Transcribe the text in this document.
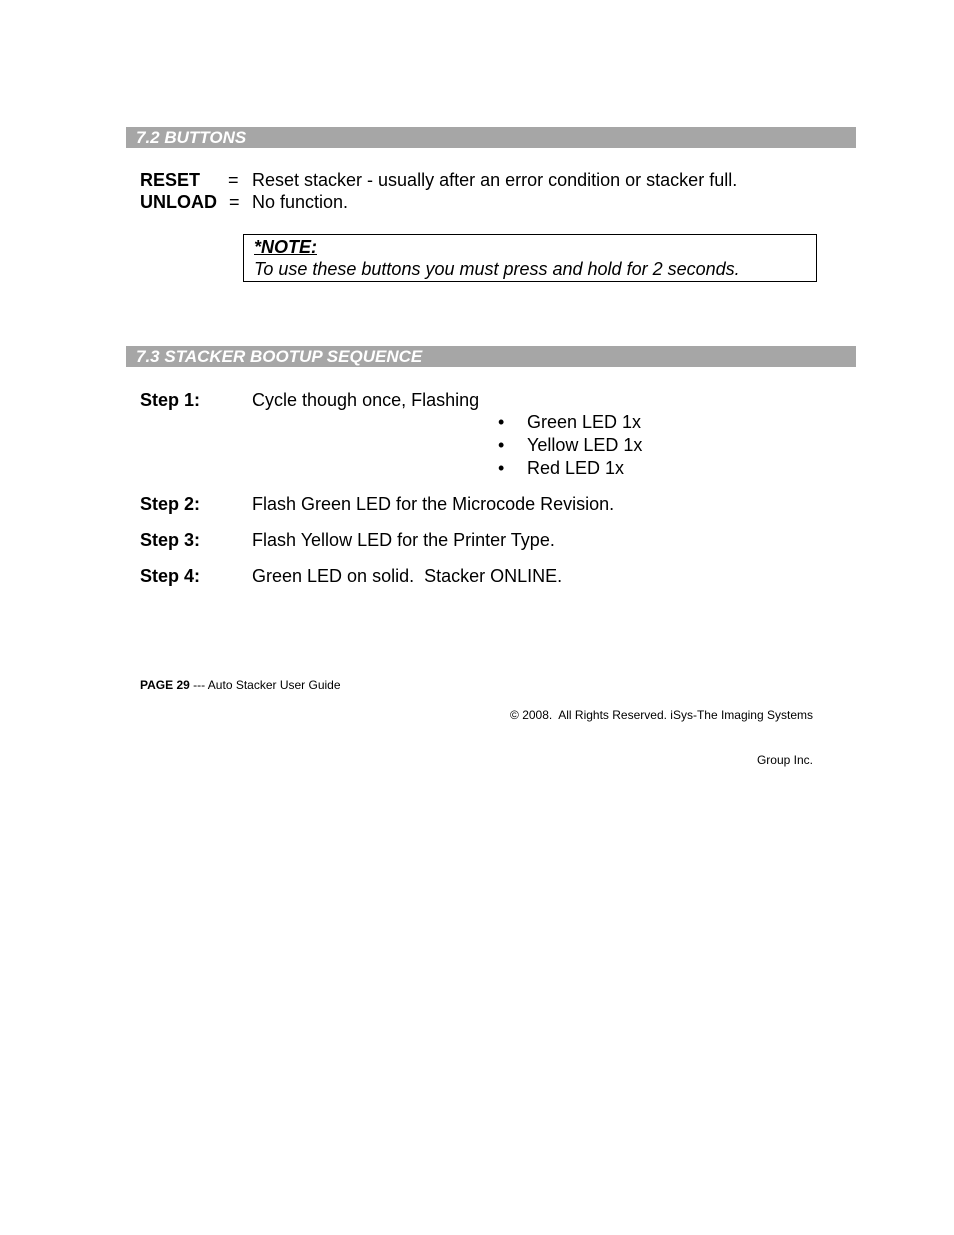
7.2 BUTTONS
RESET = Reset stacker - usually after an error condition or stacker full.
UNLOAD = No function.
*NOTE:
To use these buttons you must press and hold for 2 seconds.
7.3 STACKER BOOTUP SEQUENCE
Step 1:	Cycle though once, Flashing
• Green LED 1x
• Yellow LED 1x
• Red LED 1x
Step 2:	Flash Green LED for the Microcode Revision.
Step 3:	Flash Yellow LED for the Printer Type.
Step 4:	Green LED on solid.  Stacker ONLINE.
PAGE 29 --- Auto Stacker User Guide

© 2008.  All Rights Reserved. iSys-The Imaging Systems

Group Inc.
